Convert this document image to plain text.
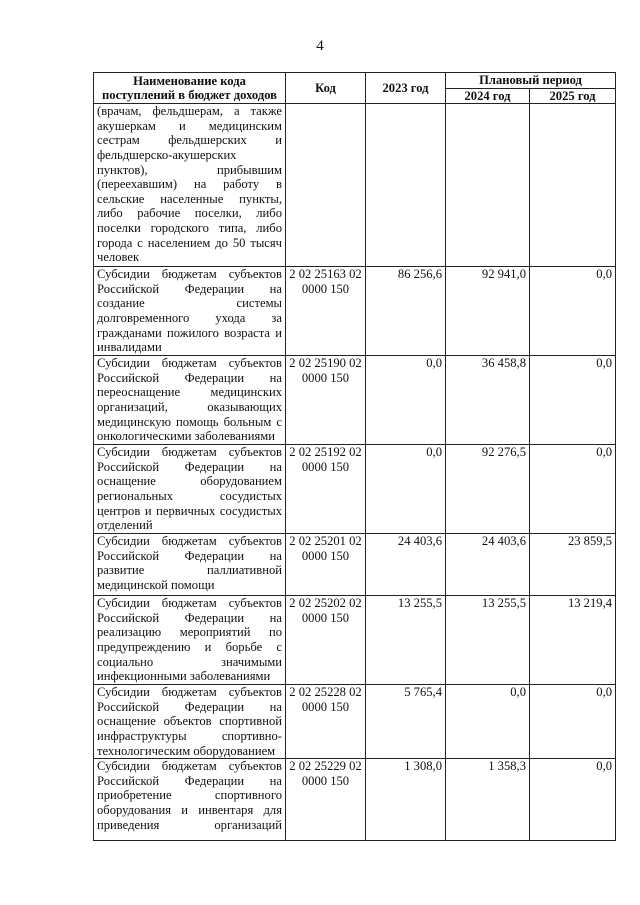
4
Наименование кода поступлений в бюджет доходов	Код	2023 год	Плановый период	
			2024 год	2025 год
(врачам, фельдшерам, а также акушеркам и медицинским сестрам фельдшерских и фельдшерско-акушерских пунктов), прибывшим (переехавшим) на работу в сельские населенные пункты, либо рабочие поселки, либо поселки городского типа, либо города с населением до 50 тысяч человек				
Субсидии бюджетам субъектов Российской Федерации на создание системы долговременного ухода за гражданами пожилого возраста и инвалидами	2 02 25163 02 0000 150	86 256,6	92 941,0	0,0
Субсидии бюджетам субъектов Российской Федерации на переоснащение медицинских организаций, оказывающих медицинскую помощь больным с онкологическими заболеваниями	2 02 25190 02 0000 150	0,0	36 458,8	0,0
Субсидии бюджетам субъектов Российской Федерации на оснащение оборудованием региональных сосудистых центров и первичных сосудистых отделений	2 02 25192 02 0000 150	0,0	92 276,5	0,0
Субсидии бюджетам субъектов Российской Федерации на развитие паллиативной медицинской помощи	2 02 25201 02 0000 150	24 403,6	24 403,6	23 859,5
Субсидии бюджетам субъектов Российской Федерации на реализацию мероприятий по предупреждению и борьбе с социально значимыми инфекционными заболеваниями	2 02 25202 02 0000 150	13 255,5	13 255,5	13 219,4
Субсидии бюджетам субъектов Российской Федерации на оснащение объектов спортивной инфраструктуры спортивно-технологическим оборудованием	2 02 25228 02 0000 150	5 765,4	0,0	0,0
Субсидии бюджетам субъектов Российской Федерации на приобретение спортивного оборудования и инвентаря для приведения организаций	2 02 25229 02 0000 150	1 308,0	1 358,3	0,0
